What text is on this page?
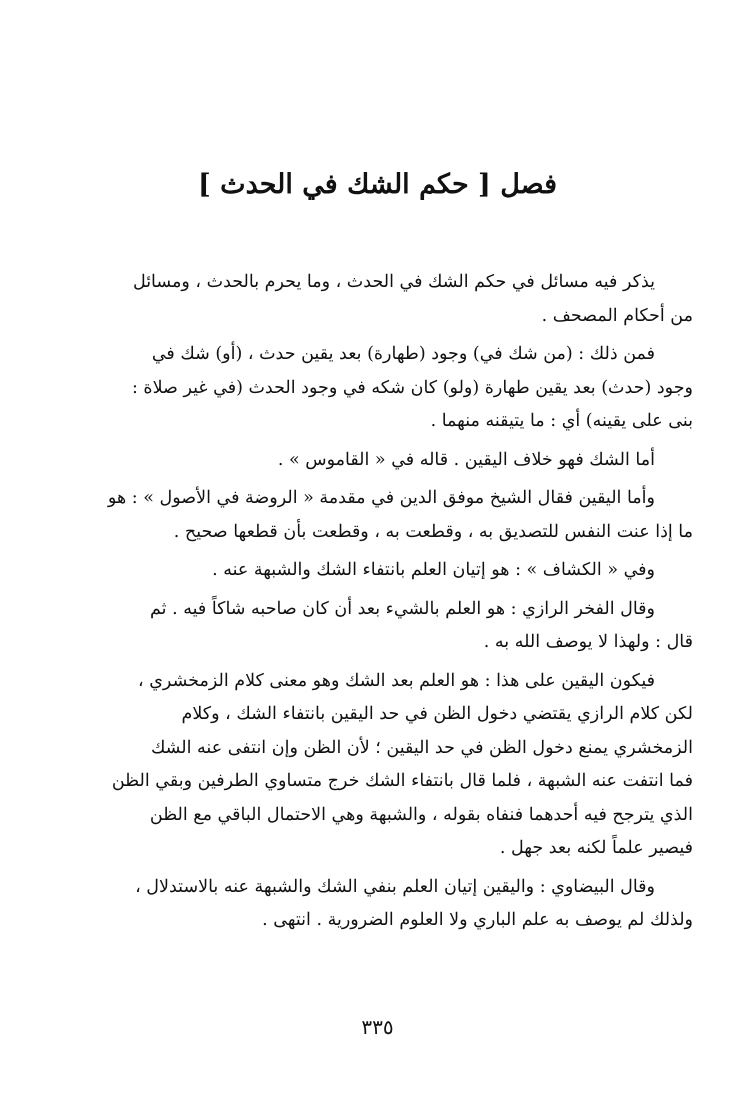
فصل [ حكم الشك في الحدث ]

يذكر فيه مسائل في حكم الشك في الحدث ، وما يحرم بالحدث ، ومسائل
من أحكام المصحف .

فمن ذلك : (من شك في) وجود (طهارة) بعد يقين حدث ، (أو) شك في
وجود (حدث) بعد يقين طهارة (ولو) كان شكه في وجود الحدث (في غير صلاة :
بنى على يقينه) أي : ما يتيقنه منهما .

أما الشك فهو خلاف اليقين . قاله في « القاموس » .

وأما اليقين فقال الشيخ موفق الدين في مقدمة « الروضة في الأصول » : هو
ما إذا عنت النفس للتصديق به ، وقطعت به ، وقطعت بأن قطعها صحيح .

وفي « الكشاف » : هو إتيان العلم بانتفاء الشك والشبهة عنه .

وقال الفخر الرازي : هو العلم بالشيء بعد أن كان صاحبه شاكاً فيه . ثم
قال : ولهذا لا يوصف الله به .

فيكون اليقين على هذا : هو العلم بعد الشك وهو معنى كلام الزمخشري ،
لكن كلام الرازي يقتضي دخول الظن في حد اليقين بانتفاء الشك ، وكلام
الزمخشري يمنع دخول الظن في حد اليقين ؛ لأن الظن وإن انتفى عنه الشك
فما انتفت عنه الشبهة ، فلما قال بانتفاء الشك خرج متساوي الطرفين وبقي الظن
الذي يترجح فيه أحدهما فنفاه بقوله ، والشبهة وهي الاحتمال الباقي مع الظن
فيصير علماً لكنه بعد جهل .

وقال البيضاوي : واليقين إتيان العلم بنفي الشك والشبهة عنه بالاستدلال ،
ولذلك لم يوصف به علم الباري ولا العلوم الضرورية . انتهى .

٣٣٥
